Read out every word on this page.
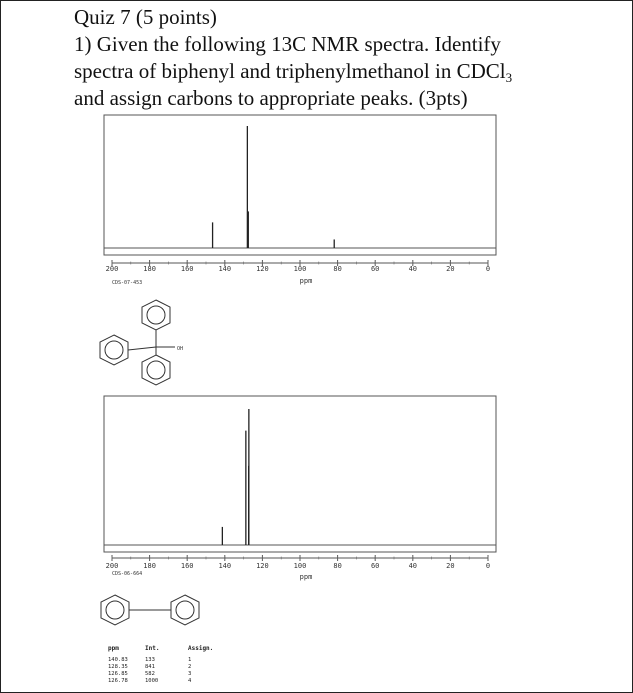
Quiz 7 (5 points)
1) Given the following 13C NMR spectra. Identify
spectra of biphenyl and triphenylmethanol in CDCl$_3$
and assign carbons to appropriate peaks. (3pts)
200	180	160	140	120	100	80	60	40	20	0
ppm
CDS-07-453
OH
200	180	160	140	120	100	80	60	40	20	0
ppm
CDS-06-664
ppm	Int.	Assign.
140.83	133	1
128.35	841	2
126.85	582	3
126.78	1000	4
